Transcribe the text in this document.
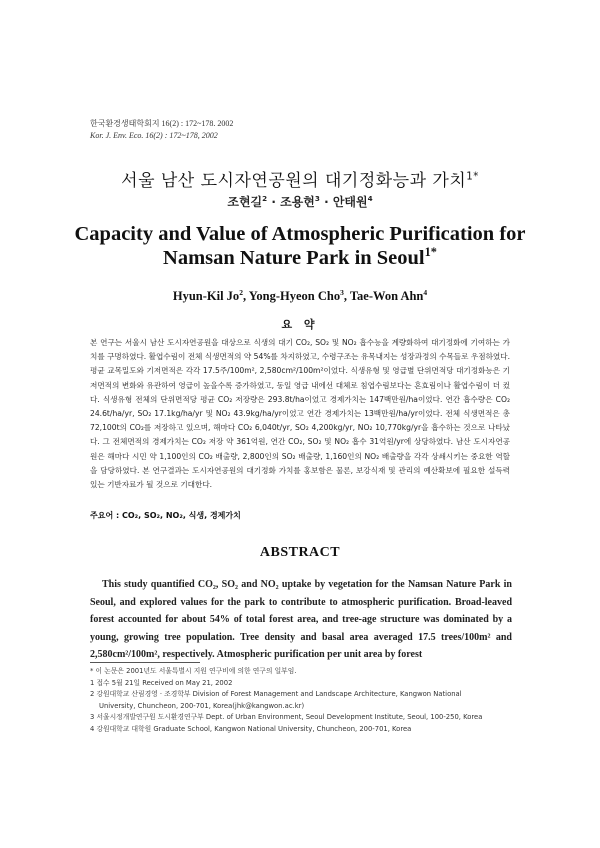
한국환경생태학회지 16(2) : 172~178. 2002
Kor. J. Env. Eco. 16(2) : 172~178, 2002
서울 남산 도시자연공원의 대기정화능과 가치$^{1*}$
조현길$^2$ · 조용현$^3$ · 안태원$^4$
Capacity and Value of Atmospheric Purification for
Namsan Nature Park in Seoul$^{1*}$
Hyun-Kil Jo$^2$, Yong-Hyeon Cho$^3$, Tae-Won Ahn$^4$
요 약
본 연구는 서울시 남산 도시자연공원을 대상으로 식생의 대기 CO₂, SO₂ 및 NO₂ 흡수능을 계량화하여 대기정화에 기여하는 가치를 구명하였다. 활엽수림이 전체 식생면적의 약 54%를 차지하였고, 수령구조는 유목내지는 성장과정의 수목들로 우점하였다. 평균 교목밀도와 기저면적은 각각 17.5주/100m², 2,580cm²/100m²이었다. 식생유형 및 영급별 단위면적당 대기정화능은 기저면적의 변화와 유관하여 영급이 높을수록 증가하였고, 동일 영급 내에선 대체로 침엽수림보다는 혼효림이나 활엽수림이 더 컸다. 식생유형 전체의 단위면적당 평균 CO₂ 저장량은 293.8t/ha이었고 경제가치는 147백만원/ha이었다. 연간 흡수량은 CO₂ 24.6t/ha/yr, SO₂ 17.1kg/ha/yr 및 NO₂ 43.9kg/ha/yr이었고 연간 경제가치는 13백만원/ha/yr이었다. 전체 식생면적은 총 72,100t의 CO₂를 저장하고 있으며, 해마다 CO₂ 6,040t/yr, SO₂ 4,200kg/yr, NO₂ 10,770kg/yr을 흡수하는 것으로 나타났다. 그 전체면적의 경제가치는 CO₂ 저장 약 361억원, 연간 CO₂, SO₂ 및 NO₂ 흡수 31억원/yr에 상당하였다. 남산 도시자연공원은 해마다 시민 약 1,100인의 CO₂ 배출량, 2,800인의 SO₂ 배출량, 1,160인의 NO₂ 배출량을 각각 상쇄시키는 중요한 역할을 담당하였다. 본 연구결과는 도시자연공원의 대기정화 가치를 홍보함은 물론, 보강식재 및 관리의 예산확보에 필요한 설득력 있는 기반자료가 될 것으로 기대한다.
주요어 : CO₂, SO₂, NO₂, 식생, 경제가치
ABSTRACT
This study quantified CO₂, SO₂ and NO₂ uptake by vegetation for the Namsan Nature Park in Seoul, and explored values for the park to contribute to atmospheric purification. Broad-leaved forest accounted for about 54% of total forest area, and tree-age structure was dominated by a young, growing tree population. Tree density and basal area averaged 17.5 trees/100m² and 2,580cm²/100m², respectively. Atmospheric purification per unit area by forest
* 이 논문은 2001년도 서울특별시 지원 연구비에 의한 연구의 일부임.
1 접수 5월 21일 Received on May 21, 2002
2 강원대학교 산림경영 · 조경학부 Division of Forest Management and Landscape Architecture, Kangwon National
University, Chuncheon, 200-701, Korea(jhk@kangwon.ac.kr)
3 서울시정개발연구원 도시환경연구부 Dept. of Urban Environment, Seoul Development Institute, Seoul, 100-250, Korea
4 강원대학교 대학원 Graduate School, Kangwon National University, Chuncheon, 200-701, Korea
